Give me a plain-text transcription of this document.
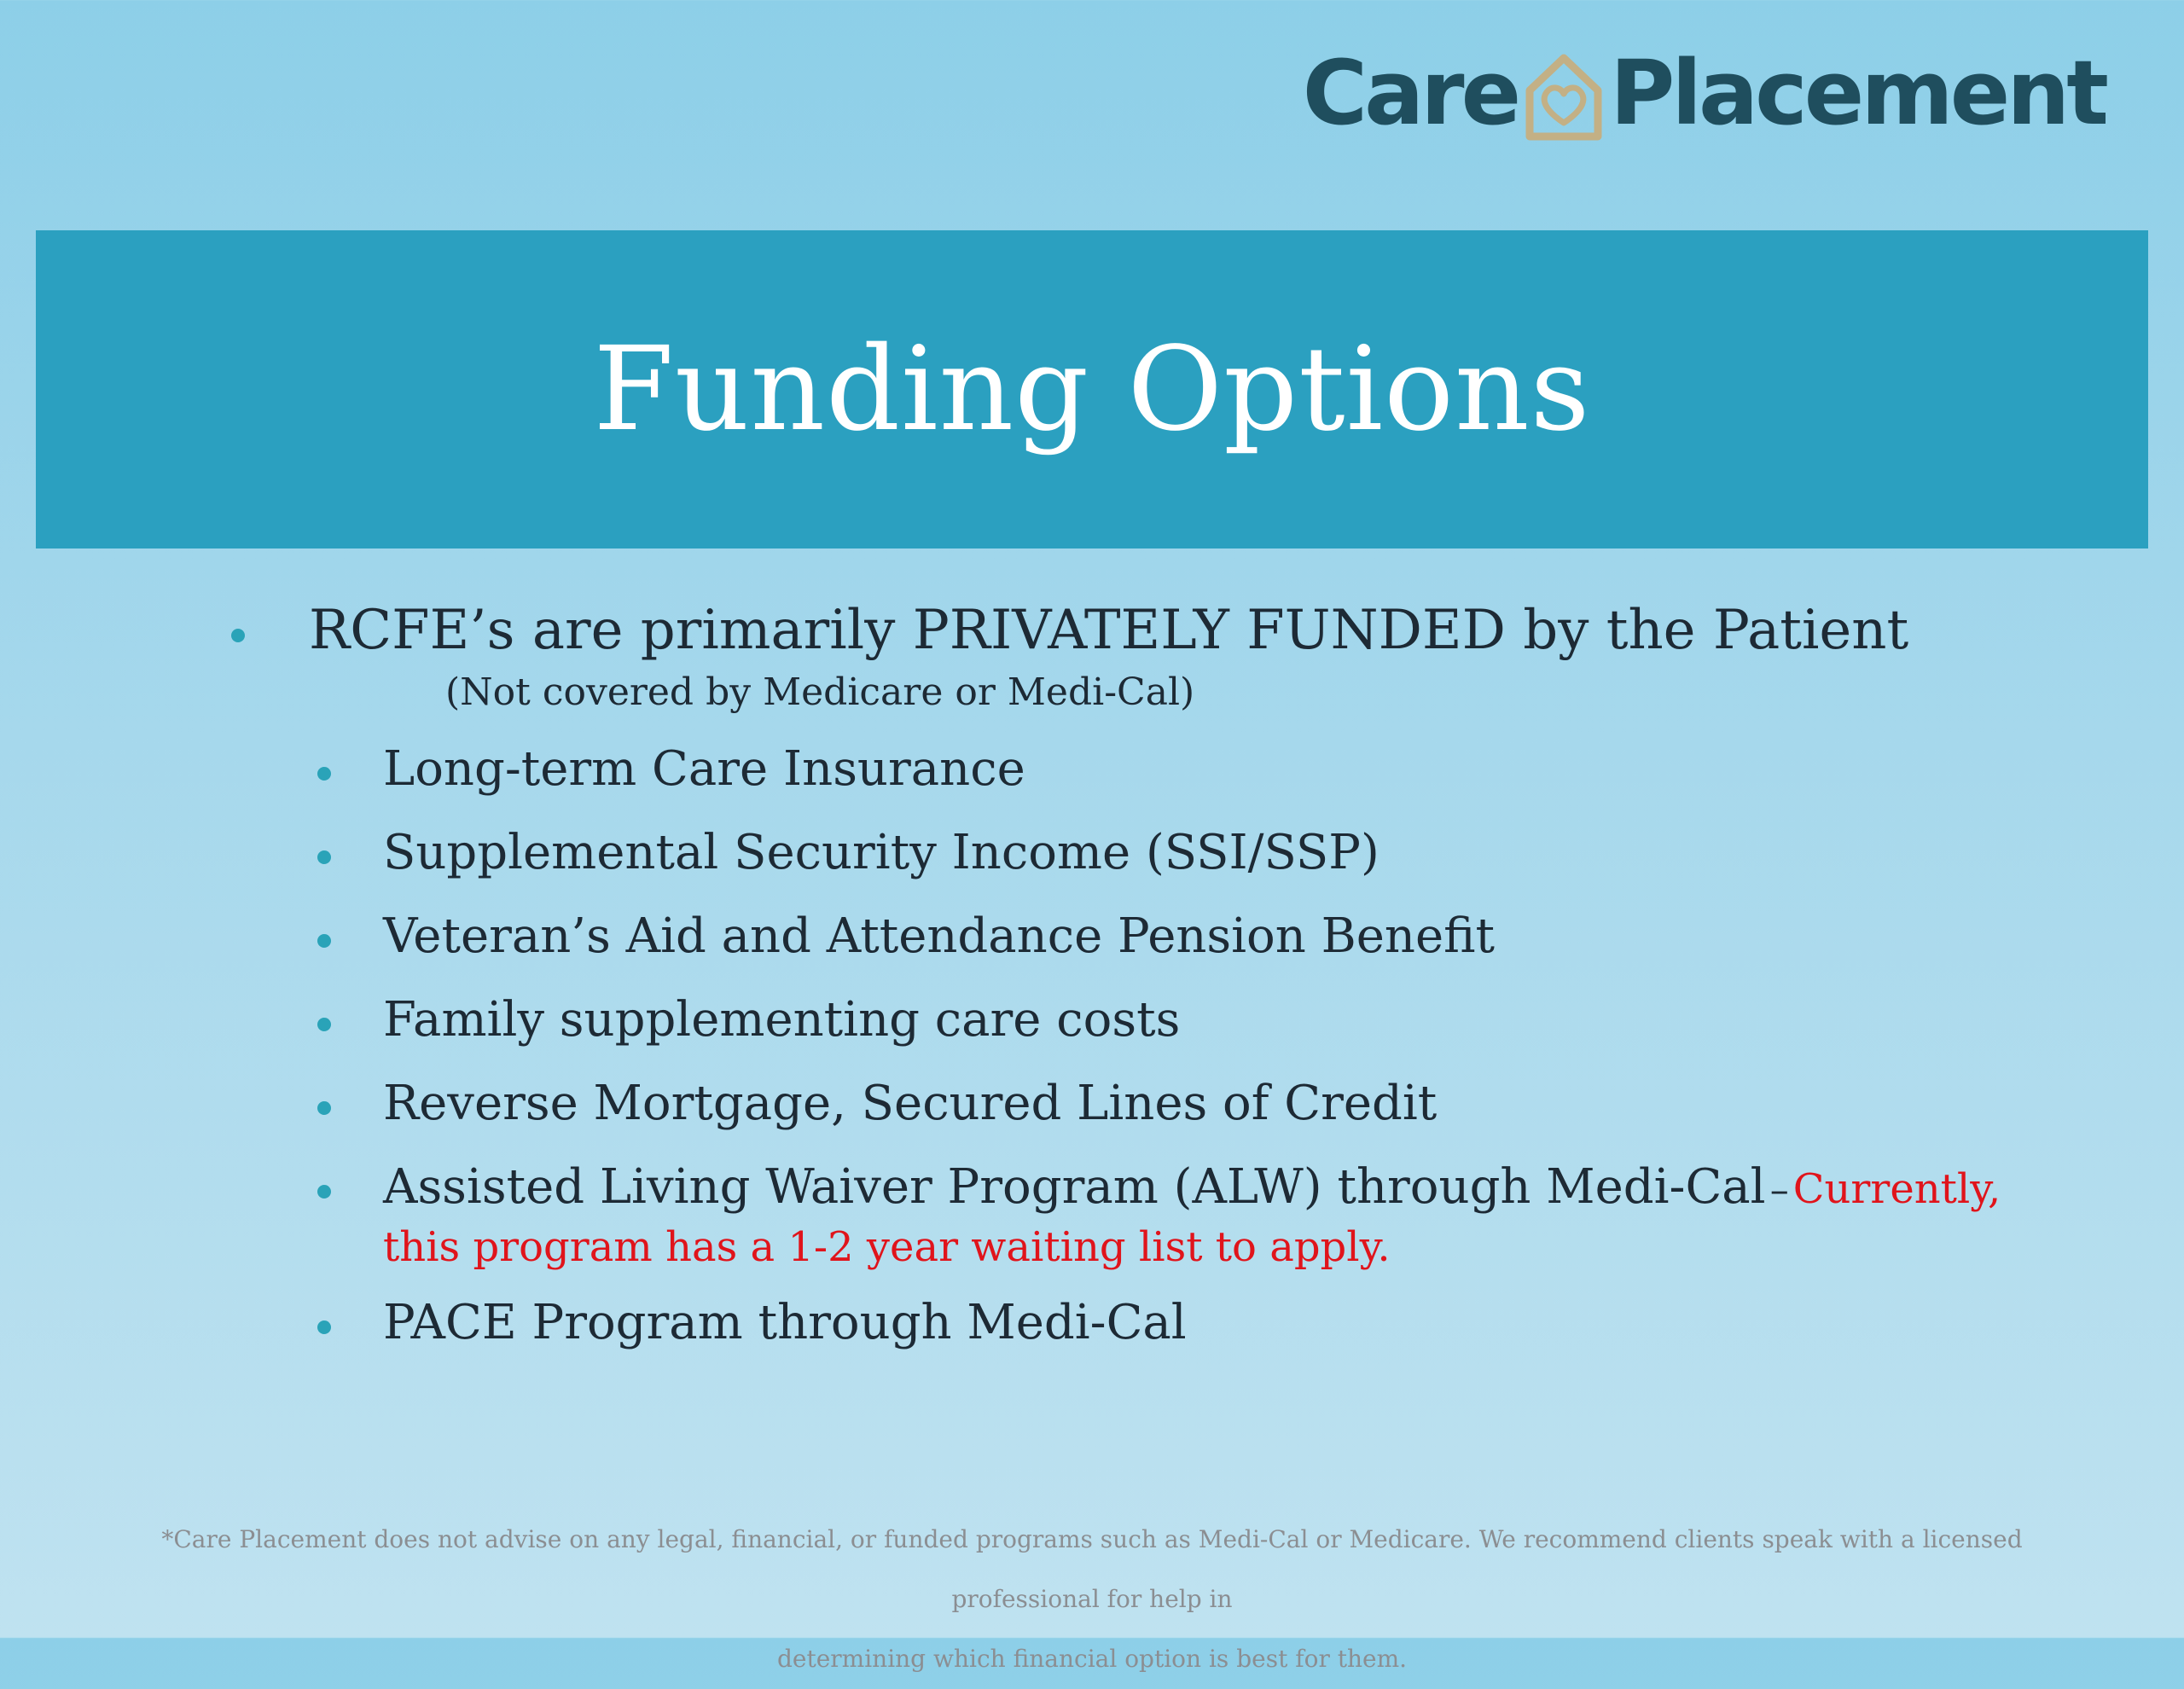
Care Placement
Funding Options
RCFE’s are primarily PRIVATELY FUNDED by the Patient
(Not covered by Medicare or Medi-Cal)
Long-term Care Insurance
Supplemental Security Income (SSI/SSP)
Veteran’s Aid and Attendance Pension Benefit
Family supplementing care costs
Reverse Mortgage, Secured Lines of Credit
Assisted Living Waiver Program (ALW) through Medi-Cal – Currently,
this program has a 1-2 year waiting list to apply.
PACE Program through Medi-Cal
*Care Placement does not advise on any legal, financial, or funded programs such as Medi-Cal or Medicare. We recommend clients speak with a licensed professional for help in
determining which financial option is best for them.
